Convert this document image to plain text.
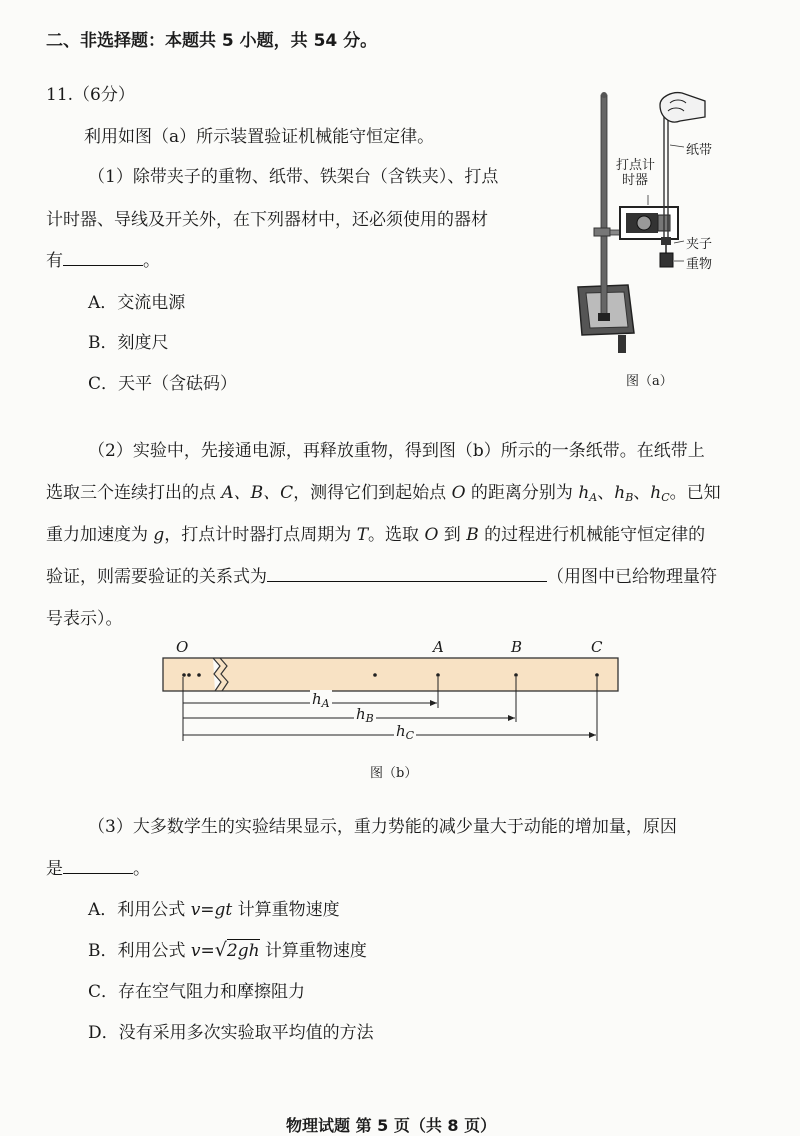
二、非选择题：本题共 5 小题，共 54 分。
11.（6分）
利用如图（a）所示装置验证机械能守恒定律。
（1）除带夹子的重物、纸带、铁架台（含铁夹）、打点
计时器、导线及开关外，在下列器材中，还必须使用的器材
有	。
A．交流电源
B．刻度尺
C．天平（含砝码）
打点计
时器
纸带
夹子
重物
图（a）
（2）实验中，先接通电源，再释放重物，得到图（b）所示的一条纸带。在纸带上
选取三个连续打出的点 A、B、C，测得它们到起始点 O 的距离分别为 $h_A$、$h_B$、$h_C$。已知
重力加速度为 g，打点计时器打点周期为 T。选取 O 到 B 的过程进行机械能守恒定律的
验证，则需要验证的关系式为	（用图中已给物理量符
号表示）。
O	A	B	C
$h_A$
$h_B$
$h_C$
图（b）
（3）大多数学生的实验结果显示，重力势能的减少量大于动能的增加量，原因
是	。
A．利用公式 v=gt 计算重物速度
B．利用公式 v=√2gh 计算重物速度
C．存在空气阻力和摩擦阻力
D．没有采用多次实验取平均值的方法
物理试题 第 5 页（共 8 页）
